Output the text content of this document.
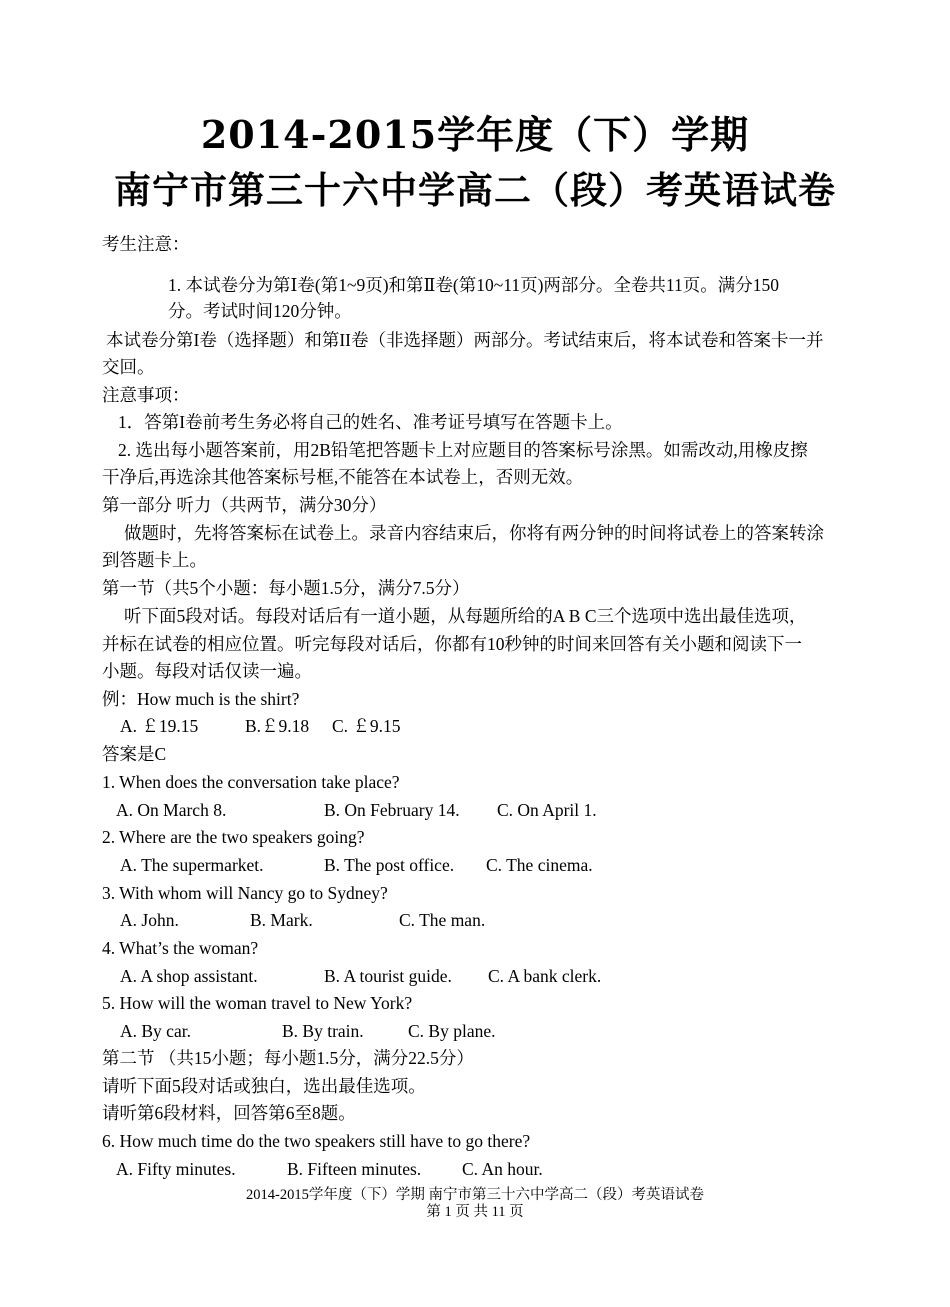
2014-2015学年度（下）学期
南宁市第三十六中学高二（段）考英语试卷
考生注意：
1. 本试卷分为第Ⅰ卷(第1~9页)和第Ⅱ卷(第10~11页)两部分。全卷共11页。满分150
分。考试时间120分钟。
本试卷分第I卷（选择题）和第II卷（非选择题）两部分。考试结束后，将本试卷和答案卡一并
交回。
注意事项：
1．答第I卷前考生务必将自己的姓名、准考证号填写在答题卡上。
2. 选出每小题答案前，用2B铅笔把答题卡上对应题目的答案标号涂黑。如需改动,用橡皮擦
干净后,再选涂其他答案标号框,不能答在本试卷上，否则无效。
第一部分 听力（共两节，满分30分）
做题时，先将答案标在试卷上。录音内容结束后，你将有两分钟的时间将试卷上的答案转涂
到答题卡上。
第一节（共5个小题：每小题1.5分，满分7.5分）
听下面5段对话。每段对话后有一道小题，从每题所给的A B C三个选项中选出最佳选项，
并标在试卷的相应位置。听完每段对话后，你都有10秒钟的时间来回答有关小题和阅读下一
小题。每段对话仅读一遍。
例：How much is the shirt?
A. ￡19.15	B.￡9.18 C. ￡9.15
答案是C
1. When does the conversation take place?
A. On March 8.	B. On February 14. C. On April 1.
2. Where are the two speakers going?
A. The supermarket.	B. The post office. C. The cinema.
3. With whom will Nancy go to Sydney?
A. John.	B. Mark.	C. The man.
4. What’s the woman?
A. A shop assistant.	B. A tourist guide. C. A bank clerk.
5. How will the woman travel to New York?
A. By car.	B. By train.	C. By plane.
第二节 （共15小题；每小题1.5分，满分22.5分）
请听下面5段对话或独白，选出最佳选项。
请听第6段材料，回答第6至8题。
6. How much time do the two speakers still have to go there?
A. Fifty minutes.	B. Fifteen minutes. C. An hour.
2014-2015学年度（下）学期 南宁市第三十六中学高二（段）考英语试卷
第 1 页 共 11 页
